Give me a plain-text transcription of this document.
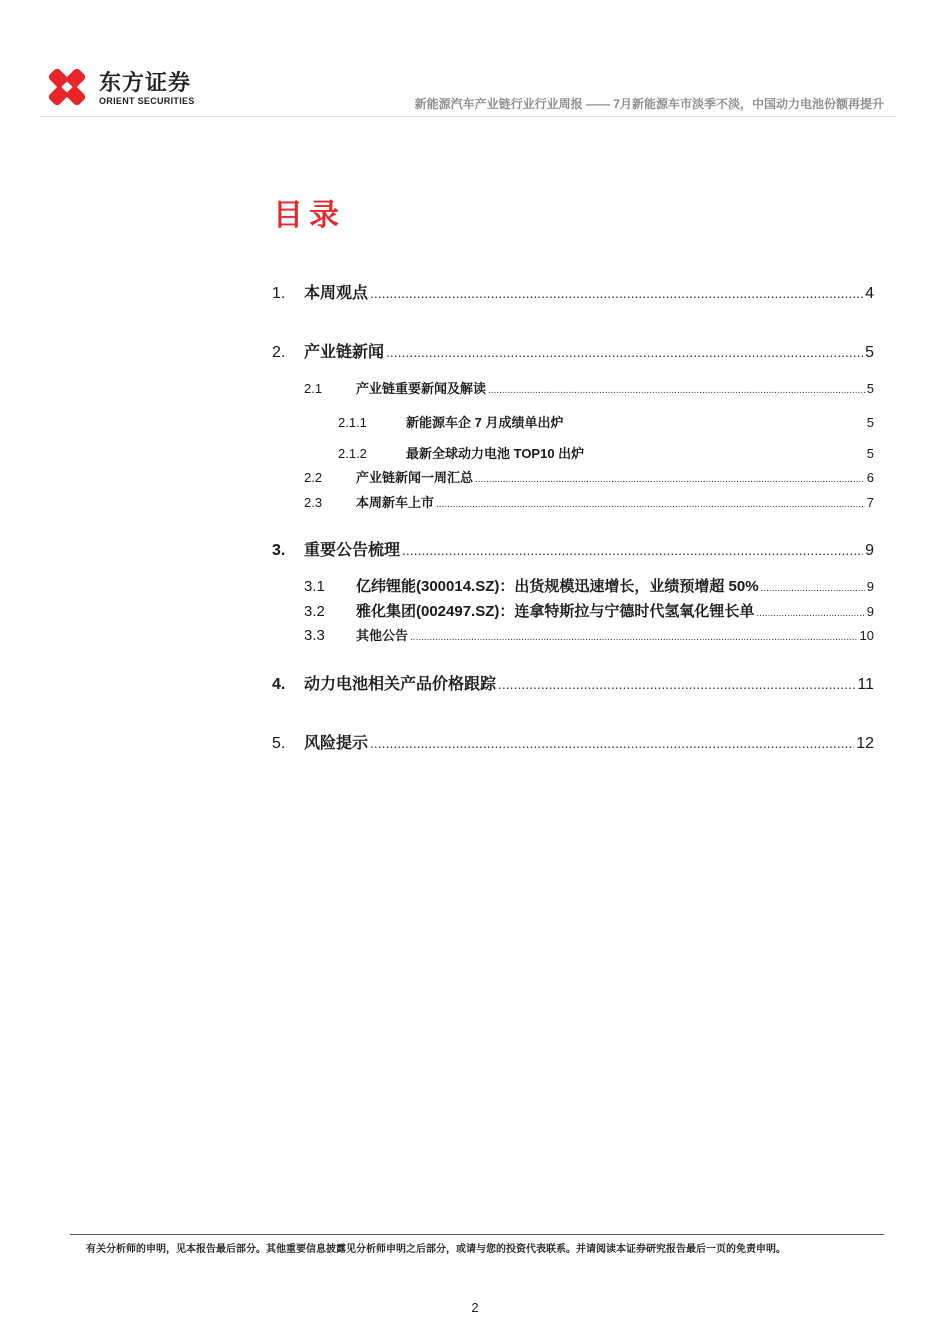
东方证券
ORIENT SECURITIES	新能源汽车产业链行业行业周报 —— 7月新能源车市淡季不淡，中国动力电池份额再提升
目录
1.	本周观点 .....	4
2.	产业链新闻 .....	5
2.1	产业链重要新闻及解读 .....	5
2.1.1	新能源车企 7 月成绩单出炉	5
2.1.2	最新全球动力电池 TOP10 出炉	5
2.2	产业链新闻一周汇总 .....	6
2.3	本周新车上市 .....	7
3.	重要公告梳理 .....	9
3.1	亿纬锂能(300014.SZ)：出货规模迅速增长，业绩预增超 50% .....	9
3.2	雅化集团(002497.SZ)：连拿特斯拉与宁德时代氢氧化锂长单 .....	9
3.3	其他公告 .....	10
4.	动力电池相关产品价格跟踪 .....	11
5.	风险提示 .....	12
有关分析师的申明，见本报告最后部分。其他重要信息披露见分析师申明之后部分，或请与您的投资代表联系。并请阅读本证券研究报告最后一页的免责申明。
2
